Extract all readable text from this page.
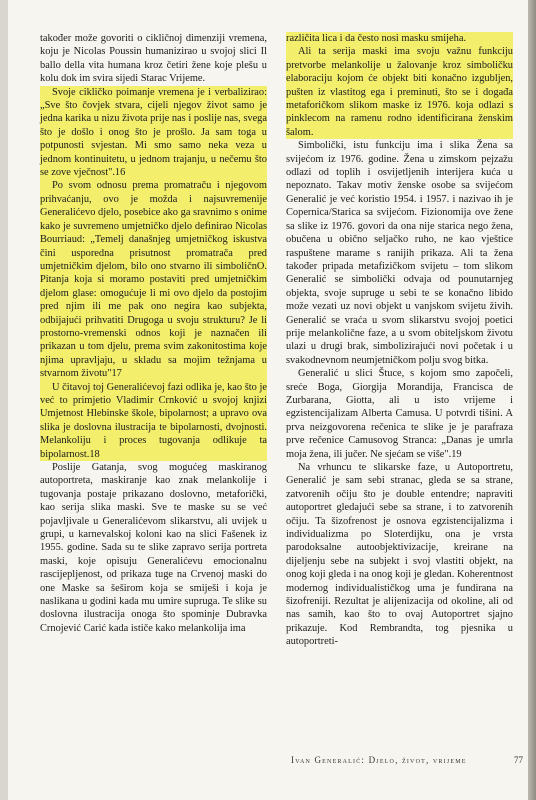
također može govoriti o cikličnoj dimenziji vremena, koju je Nicolas Poussin humanizirao u svojoj slici Il ballo della vita humana kroz četiri žene koje plešu u kolu dok im svira sijedi Starac Vrijeme.

Svoje cikličko poimanje vremena je i verbalizirao: „Sve što čovjek stvara, cijeli njegov život samo je jedna karika u nizu života prije nas i poslije nas, svega što je došlo i onog što je prošlo. Ja sam toga u potpunosti svjestan. Mi smo samo neka veza u jednom kontinuitetu, u jednom trajanju, u nečemu što se zove vječnost".16

Po svom odnosu prema promatraču i njegovom prihvaćanju, ovo je možda i najsuvremenije Generalićevo djelo, posebice ako ga sravnimo s onime kako je suvremeno umjetničko djelo definirao Nicolas Bourriaud: „Temelj današnjeg umjetničkog iskustva čini usporedna prisutnost promatrača pred umjetničkim djelom, bilo ono stvarno ili simboličnO. Pitanja koja si moramo postaviti pred umjetničkim djelom glase: omogućuje li mi ovo djelo da postojim pred njim ili me pak ono negira kao subjekta, odbijajući prihvatiti Drugoga u svoju strukturu? Je li prostorno-vremenski odnos koji je naznačen ili prikazan u tom djelu, prema svim zakonitostima koje njima upravljaju, u skladu sa mojim težnjama u stvarnom životu"17

U čitavoj toj Generalićevoj fazi odlika je, kao što je već to primjetio Vladimir Crnković u svojoj knjizi Umjetnost Hlebinske škole, bipolarnost; a upravo ova slika je doslovna ilustracija te bipolarnosti, dvojnosti. Melankoliju i proces tugovanja odlikuje ta bipolarnost.18

Poslije Gatanja, svog mogućeg maskiranog autoportreta, maskiranje kao znak melankolije i tugovanja postaje prikazano doslovno, metaforički, kao serija slika maski. Sve te maske su se već pojavljivale u Generalićevom slikarstvu, ali uvijek u grupi, u karnevalskoj koloni kao na slici Fašenek iz 1955. godine. Sada su te slike zapravo serija portreta maski, koje opisuju Generalićevu emocionalnu rascijepljenost, od prikaza tuge na Crvenoj maski do one Maske sa šeširom koja se smiješi i koja je naslikana u godini kada mu umire supruga. Te slike su doslovna ilustracija onoga što spominje Dubravka Crnojević Carić kada ističe kako melankolija ima

različita lica i da često nosi masku smijeha.

Ali ta serija maski ima svoju važnu funkciju pretvorbe melankolije u žalovanje kroz simboličku elaboraciju kojom će objekt biti konačno izgubljen, pušten iz vlastitog ega i preminuti, što se i događa metaforičkom slikom maske iz 1976. koja odlazi s pinklecom na ramenu rodno identificirana ženskim šalom.

Simbolički, istu funkciju ima i slika Žena sa svijećom iz 1976. godine. Žena u zimskom pejzažu odlazi od toplih i osvijetljenih interijera kuća u nepoznato. Takav motiv ženske osobe sa svijećom Generalić je već koristio 1954. i 1957. i nazivao ih je Copernica/Starica sa svijećom. Fizionomija ove žene sa slike iz 1976. govori da ona nije starica nego žena, obučena u obično seljačko ruho, ne kao vještice raspuštene marame s ranijih prikaza. Ali ta žena također pripada metafizičkom svijetu – tom slikom Generalić se simbolički odvaja od pounutarnjeg objekta, svoje supruge u sebi te se konačno libido može vezati uz novi objekt u vanjskom svijetu živih. Generalić se vraća u svom slikarstvu svojoj poetici prije melankolične faze, a u svom obiteljskom životu ulazi u drugi brak, simbolizirajući novi početak i u svakodnevnom neumjetničkom polju svog bitka.

Generalić u slici Štuce, s kojom smo započeli, sreće Boga, Giorgija Morandija, Francisca de Zurbarana, Giotta, ali u isto vrijeme i egzistencijalizam Alberta Camusa. U potvrdi tišini. A prva neizgovorena rečenica te slike je je parafraza prve rečenice Camusovog Stranca: „Danas je umrla moja žena, ili jučer. Ne sjećam se više".19

Na vrhuncu te slikarske faze, u Autoportretu, Generalić je sam sebi stranac, gleda se sa strane, zatvorenih očiju što je double entendre; napraviti autoportret gledajući sebe sa strane, i to zatvorenih očiju. Ta šizofrenost je osnova egzistencijalizma i individualizma po Sloterdijku, ona je vrsta parodoksalne autoobjektivizacije, kreirane na dijeljenju sebe na subjekt i svoj vlastiti objekt, na onog koji gleda i na onog koji je gledan. Koherentnost modernog individualističkog uma je fundirana na šizofreniji. Rezultat je alijenizacija od okoline, ali od nas samih, kao što to ovaj Autoportret sjajno prikazuje. Kod Rembrandta, tog pjesnika u autoportreti-

Ivan Generalić: Djelo, život, vrijeme	77
